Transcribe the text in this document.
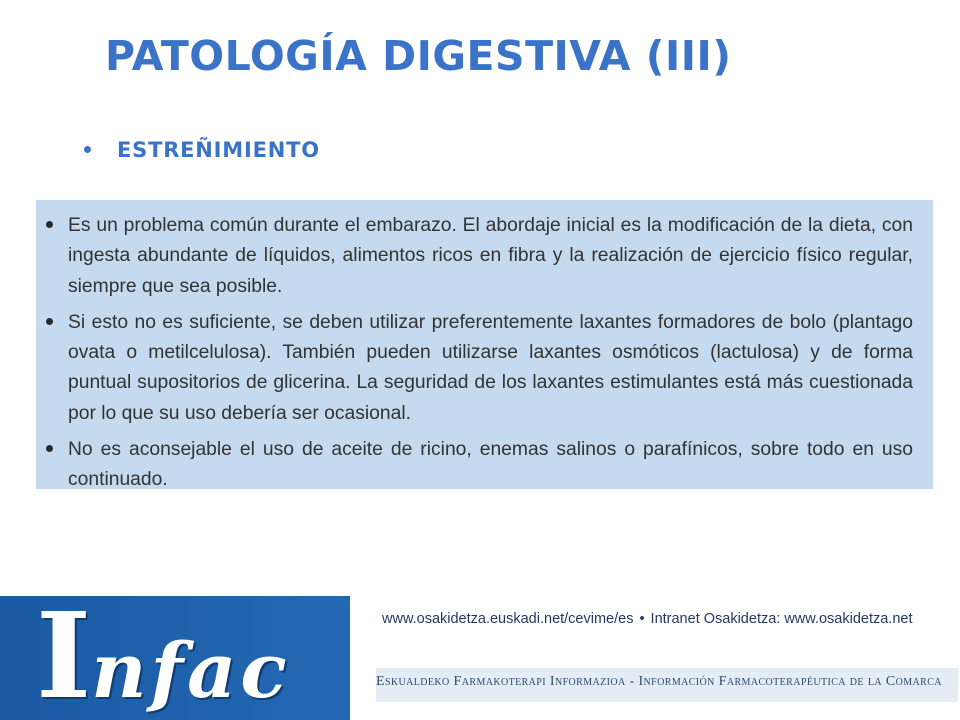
PATOLOGÍA DIGESTIVA (III)
ESTREÑIMIENTO
Es un problema común durante el embarazo. El abordaje inicial es la modificación de la dieta, con ingesta abundante de líquidos, alimentos ricos en fibra y la realización de ejercicio físico regular, siempre que sea posible.
Si esto no es suficiente, se deben utilizar preferentemente laxantes formadores de bolo (plantago ovata o metilcelulosa). También pueden utilizarse laxantes osmóticos (lactulosa) y de forma puntual supositorios de glicerina. La seguridad de los laxantes estimulantes está más cuestionada por lo que su uso debería ser ocasional.
No es aconsejable el uso de aceite de ricino, enemas salinos o parafínicos, sobre todo en uso continuado.
Infac
www.osakidetza.euskadi.net/cevime/es • Intranet Osakidetza: www.osakidetza.net
Eskualdeko Farmakoterapi Informazioa - Información Farmacoterapéutica de la Comarca
